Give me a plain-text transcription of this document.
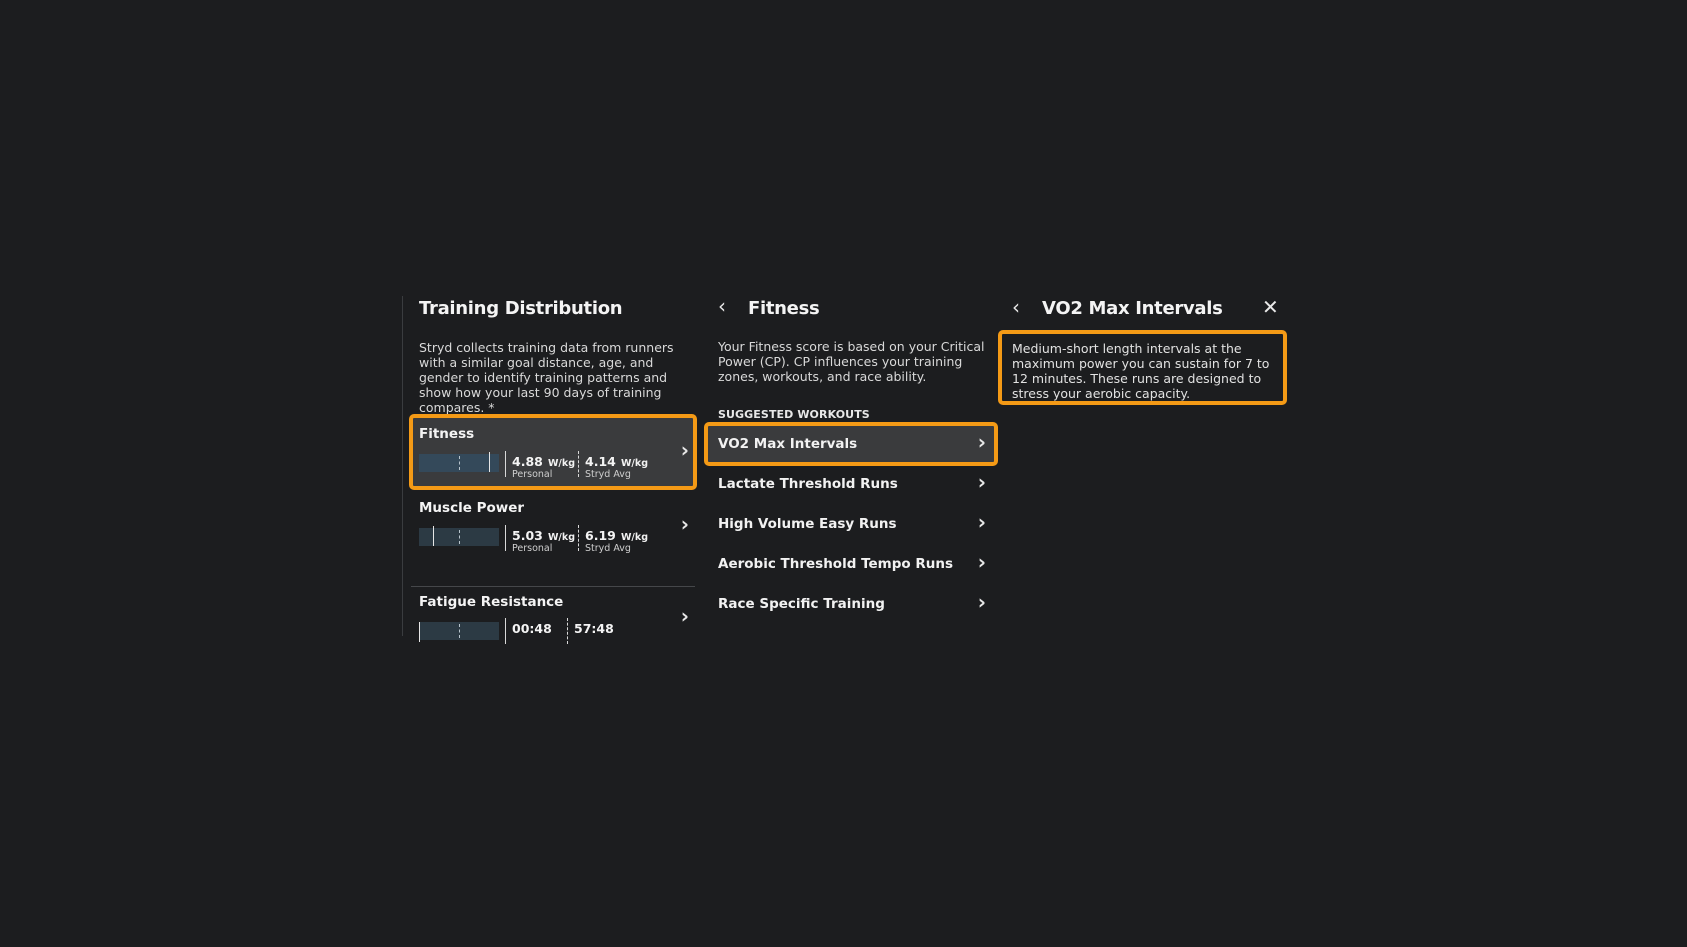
Training Distribution
Stryd collects training data from runners with a similar goal distance, age, and gender to identify training patterns and show how your last 90 days of training compares. *
Fitness
4.88 W/kg
Personal
4.14 W/kg
Stryd Avg
›
Muscle Power
5.03 W/kg
Personal
6.19 W/kg
Stryd Avg
›
Fatigue Resistance
00:48	57:48
›
‹ Fitness
Your Fitness score is based on your Critical Power (CP). CP influences your training zones, workouts, and race ability.
SUGGESTED WORKOUTS
VO2 Max Intervals	›
Lactate Threshold Runs	›
High Volume Easy Runs	›
Aerobic Threshold Tempo Runs ›
Race Specific Training	›
‹ VO2 Max Intervals ✕
Medium-short length intervals at the maximum power you can sustain for 7 to 12 minutes. These runs are designed to stress your aerobic capacity.
